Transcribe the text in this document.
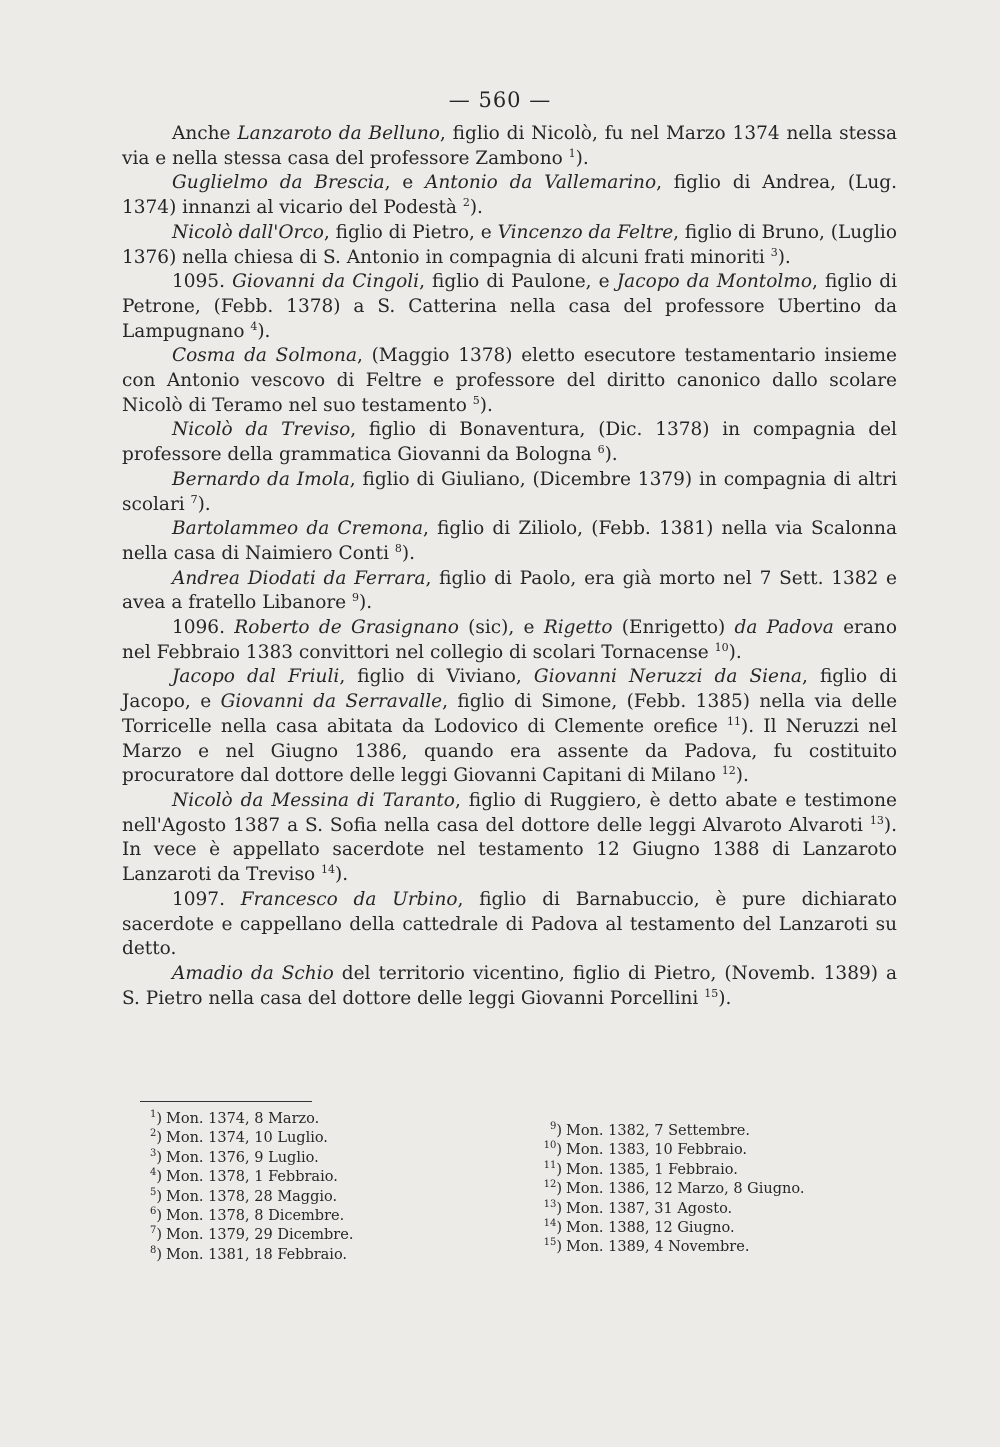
— 560 —

Anche Lanzaroto da Belluno, figlio di Nicolò, fu nel Marzo 1374 nella stessa via e nella stessa casa del professore Zambono $^1$).

Guglielmo da Brescia, e Antonio da Vallemarino, figlio di Andrea, (Lug. 1374) innanzi al vicario del Podestà $^2$).

Nicolò dall'Orco, figlio di Pietro, e Vincenzo da Feltre, figlio di Bruno, (Luglio 1376) nella chiesa di S. Antonio in compagnia di alcuni frati minoriti $^3$).

1095. Giovanni da Cingoli, figlio di Paulone, e Jacopo da Montolmo, figlio di Petrone, (Febb. 1378) a S. Catterina nella casa del professore Ubertino da Lampugnano $^4$).

Cosma da Solmona, (Maggio 1378) eletto esecutore testamentario insieme con Antonio vescovo di Feltre e professore del diritto canonico dallo scolare Nicolò di Teramo nel suo testamento $^5$).

Nicolò da Treviso, figlio di Bonaventura, (Dic. 1378) in compagnia del professore della grammatica Giovanni da Bologna $^6$).

Bernardo da Imola, figlio di Giuliano, (Dicembre 1379) in compagnia di altri scolari $^7$).

Bartolammeo da Cremona, figlio di Ziliolo, (Febb. 1381) nella via Scalonna nella casa di Naimiero Conti $^8$).

Andrea Diodati da Ferrara, figlio di Paolo, era già morto nel 7 Sett. 1382 e avea a fratello Libanore $^9$).

1096. Roberto de Grasignano (sic), e Rigetto (Enrigetto) da Padova erano nel Febbraio 1383 convittori nel collegio di scolari Tornacense $^{10}$).

Jacopo dal Friuli, figlio di Viviano, Giovanni Neruzzi da Siena, figlio di Jacopo, e Giovanni da Serravalle, figlio di Simone, (Febb. 1385) nella via delle Torricelle nella casa abitata da Lodovico di Clemente orefice $^{11}$). Il Neruzzi nel Marzo e nel Giugno 1386, quando era assente da Padova, fu costituito procuratore dal dottore delle leggi Giovanni Capitani di Milano $^{12}$).

Nicolò da Messina di Taranto, figlio di Ruggiero, è detto abate e testimone nell'Agosto 1387 a S. Sofia nella casa del dottore delle leggi Alvaroto Alvaroti $^{13}$). In vece è appellato sacerdote nel testamento 12 Giugno 1388 di Lanzaroto Lanzaroti da Treviso $^{14}$).

1097. Francesco da Urbino, figlio di Barnabuccio, è pure dichiarato sacerdote e cappellano della cattedrale di Padova al testamento del Lanzaroti su detto.

Amadio da Schio del territorio vicentino, figlio di Pietro, (Novemb. 1389) a S. Pietro nella casa del dottore delle leggi Giovanni Porcellini $^{15}$).

$^1$) Mon. 1374, 8 Marzo.
$^2$) Mon. 1374, 10 Luglio.
$^3$) Mon. 1376, 9 Luglio.
$^4$) Mon. 1378, 1 Febbraio.
$^5$) Mon. 1378, 28 Maggio.
$^6$) Mon. 1378, 8 Dicembre.
$^7$) Mon. 1379, 29 Dicembre.
$^8$) Mon. 1381, 18 Febbraio.
$^9$) Mon. 1382, 7 Settembre.
$^{10}$) Mon. 1383, 10 Febbraio.
$^{11}$) Mon. 1385, 1 Febbraio.
$^{12}$) Mon. 1386, 12 Marzo, 8 Giugno.
$^{13}$) Mon. 1387, 31 Agosto.
$^{14}$) Mon. 1388, 12 Giugno.
$^{15}$) Mon. 1389, 4 Novembre.
